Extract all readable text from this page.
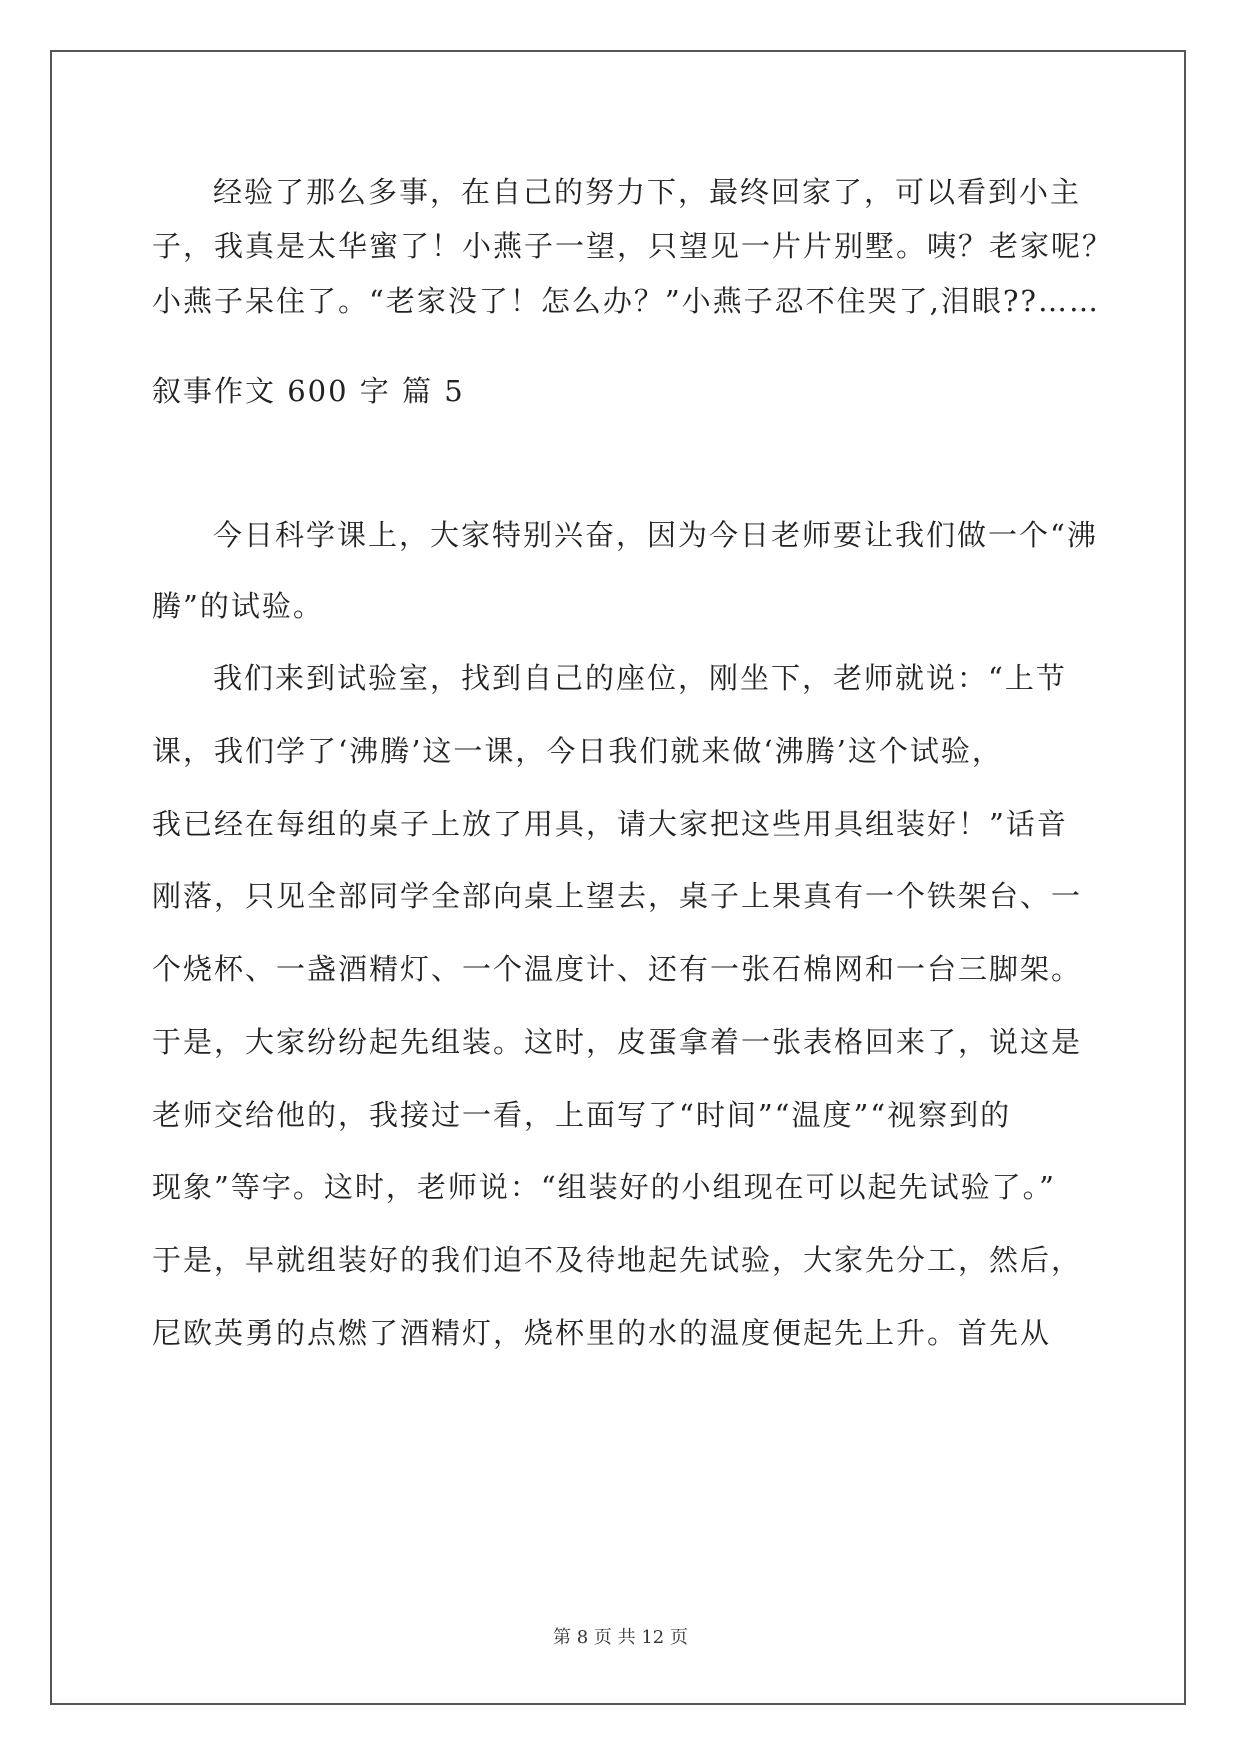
经验了那么多事，在自己的努力下，最终回家了，可以看到小主
子，我真是太华蜜了！小燕子一望，只望见一片片别墅。咦？老家呢？
小燕子呆住了。“老家没了！怎么办？”小燕子忍不住哭了,泪眼??……
叙事作文 600 字 篇 5
今日科学课上，大家特别兴奋，因为今日老师要让我们做一个“沸
腾”的试验。
我们来到试验室，找到自己的座位，刚坐下，老师就说：“上节
课，我们学了‘沸腾’这一课，今日我们就来做‘沸腾’这个试验，
我已经在每组的桌子上放了用具，请大家把这些用具组装好！”话音
刚落，只见全部同学全部向桌上望去，桌子上果真有一个铁架台、一
个烧杯、一盏酒精灯、一个温度计、还有一张石棉网和一台三脚架。
于是，大家纷纷起先组装。这时，皮蛋拿着一张表格回来了，说这是
老师交给他的，我接过一看，上面写了“时间”“温度”“视察到的
现象”等字。这时，老师说：“组装好的小组现在可以起先试验了。”
于是，早就组装好的我们迫不及待地起先试验，大家先分工，然后，
尼欧英勇的点燃了酒精灯，烧杯里的水的温度便起先上升。首先从
第 8 页 共 12 页
